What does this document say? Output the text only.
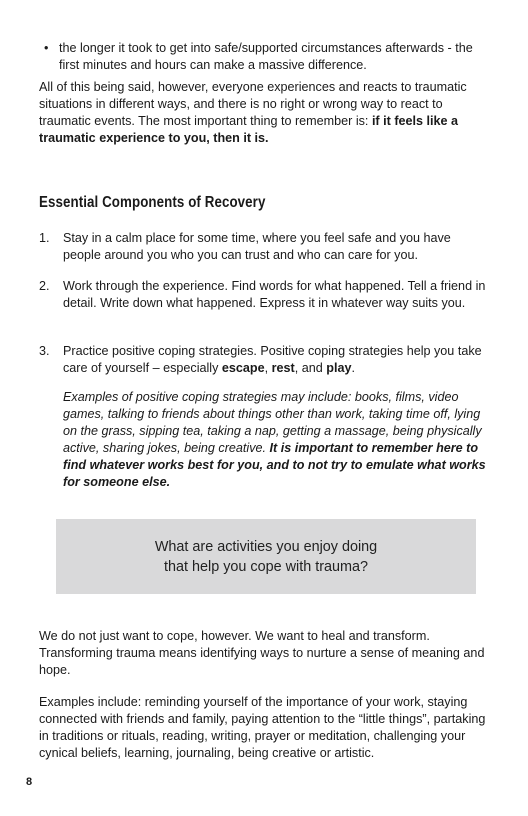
• the longer it took to get into safe/supported circumstances afterwards - the first minutes and hours can make a massive difference.

All of this being said, however, everyone experiences and reacts to traumatic situations in different ways, and there is no right or wrong way to react to traumatic events. The most important thing to remember is: if it feels like a traumatic experience to you, then it is.

Essential Components of Recovery
1. Stay in a calm place for some time, where you feel safe and you have people around you who you can trust and who can care for you.
2. Work through the experience. Find words for what happened. Tell a friend in detail. Write down what happened. Express it in whatever way suits you.
3. Practice positive coping strategies. Positive coping strategies help you take care of yourself – especially escape, rest, and play.

Examples of positive coping strategies may include: books, films, video games, talking to friends about things other than work, taking time off, lying on the grass, sipping tea, taking a nap, getting a massage, being physically active, sharing jokes, being creative. It is important to remember here to find whatever works best for you, and to not try to emulate what works for someone else.

What are activities you enjoy doing
that help you cope with trauma?

We do not just want to cope, however. We want to heal and transform. Transforming trauma means identifying ways to nurture a sense of meaning and hope.

Examples include: reminding yourself of the importance of your work, staying connected with friends and family, paying attention to the “little things”, partaking in traditions or rituals, reading, writing, prayer or meditation, challenging your cynical beliefs, learning, journaling, being creative or artistic.

8
